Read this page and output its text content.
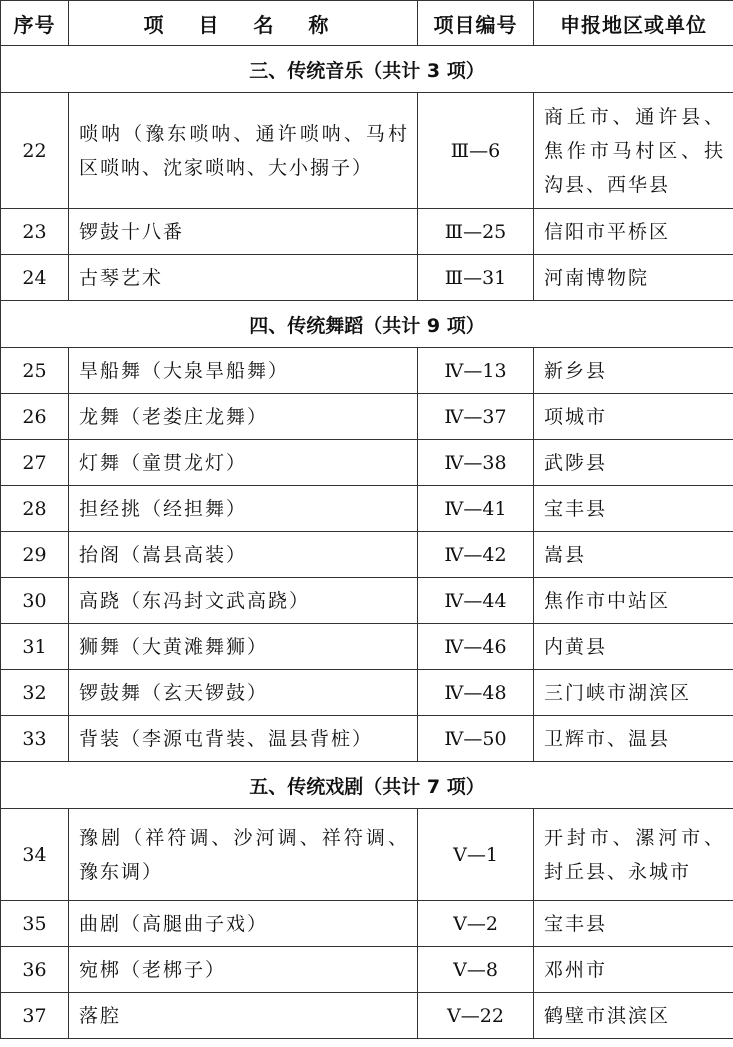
序号	项 目 名 称	项目编号	申报地区或单位
三、传统音乐（共计 3 项）			
22	唢呐（豫东唢呐、通许唢呐、马村区唢呐、沈家唢呐、大小搦子）	Ⅲ—6	商丘市、通许县、焦作市马村区、扶沟县、西华县
23	锣鼓十八番	Ⅲ—25	信阳市平桥区
24	古琴艺术	Ⅲ—31	河南博物院
四、传统舞蹈（共计 9 项）			
25	旱船舞（大泉旱船舞）	Ⅳ—13	新乡县
26	龙舞（老娄庄龙舞）	Ⅳ—37	项城市
27	灯舞（童贯龙灯）	Ⅳ—38	武陟县
28	担经挑（经担舞）	Ⅳ—41	宝丰县
29	抬阁（嵩县高装）	Ⅳ—42	嵩县
30	高跷（东冯封文武高跷）	Ⅳ—44	焦作市中站区
31	狮舞（大黄滩舞狮）	Ⅳ—46	内黄县
32	锣鼓舞（玄天锣鼓）	Ⅳ—48	三门峡市湖滨区
33	背装（李源屯背装、温县背桩）	Ⅳ—50	卫辉市、温县
五、传统戏剧（共计 7 项）			
34	豫剧（祥符调、沙河调、祥符调、豫东调）	Ⅴ—1	开封市、漯河市、封丘县、永城市
35	曲剧（高腿曲子戏）	Ⅴ—2	宝丰县
36	宛梆（老梆子）	Ⅴ—8	邓州市
37	落腔	Ⅴ—22	鹤壁市淇滨区
